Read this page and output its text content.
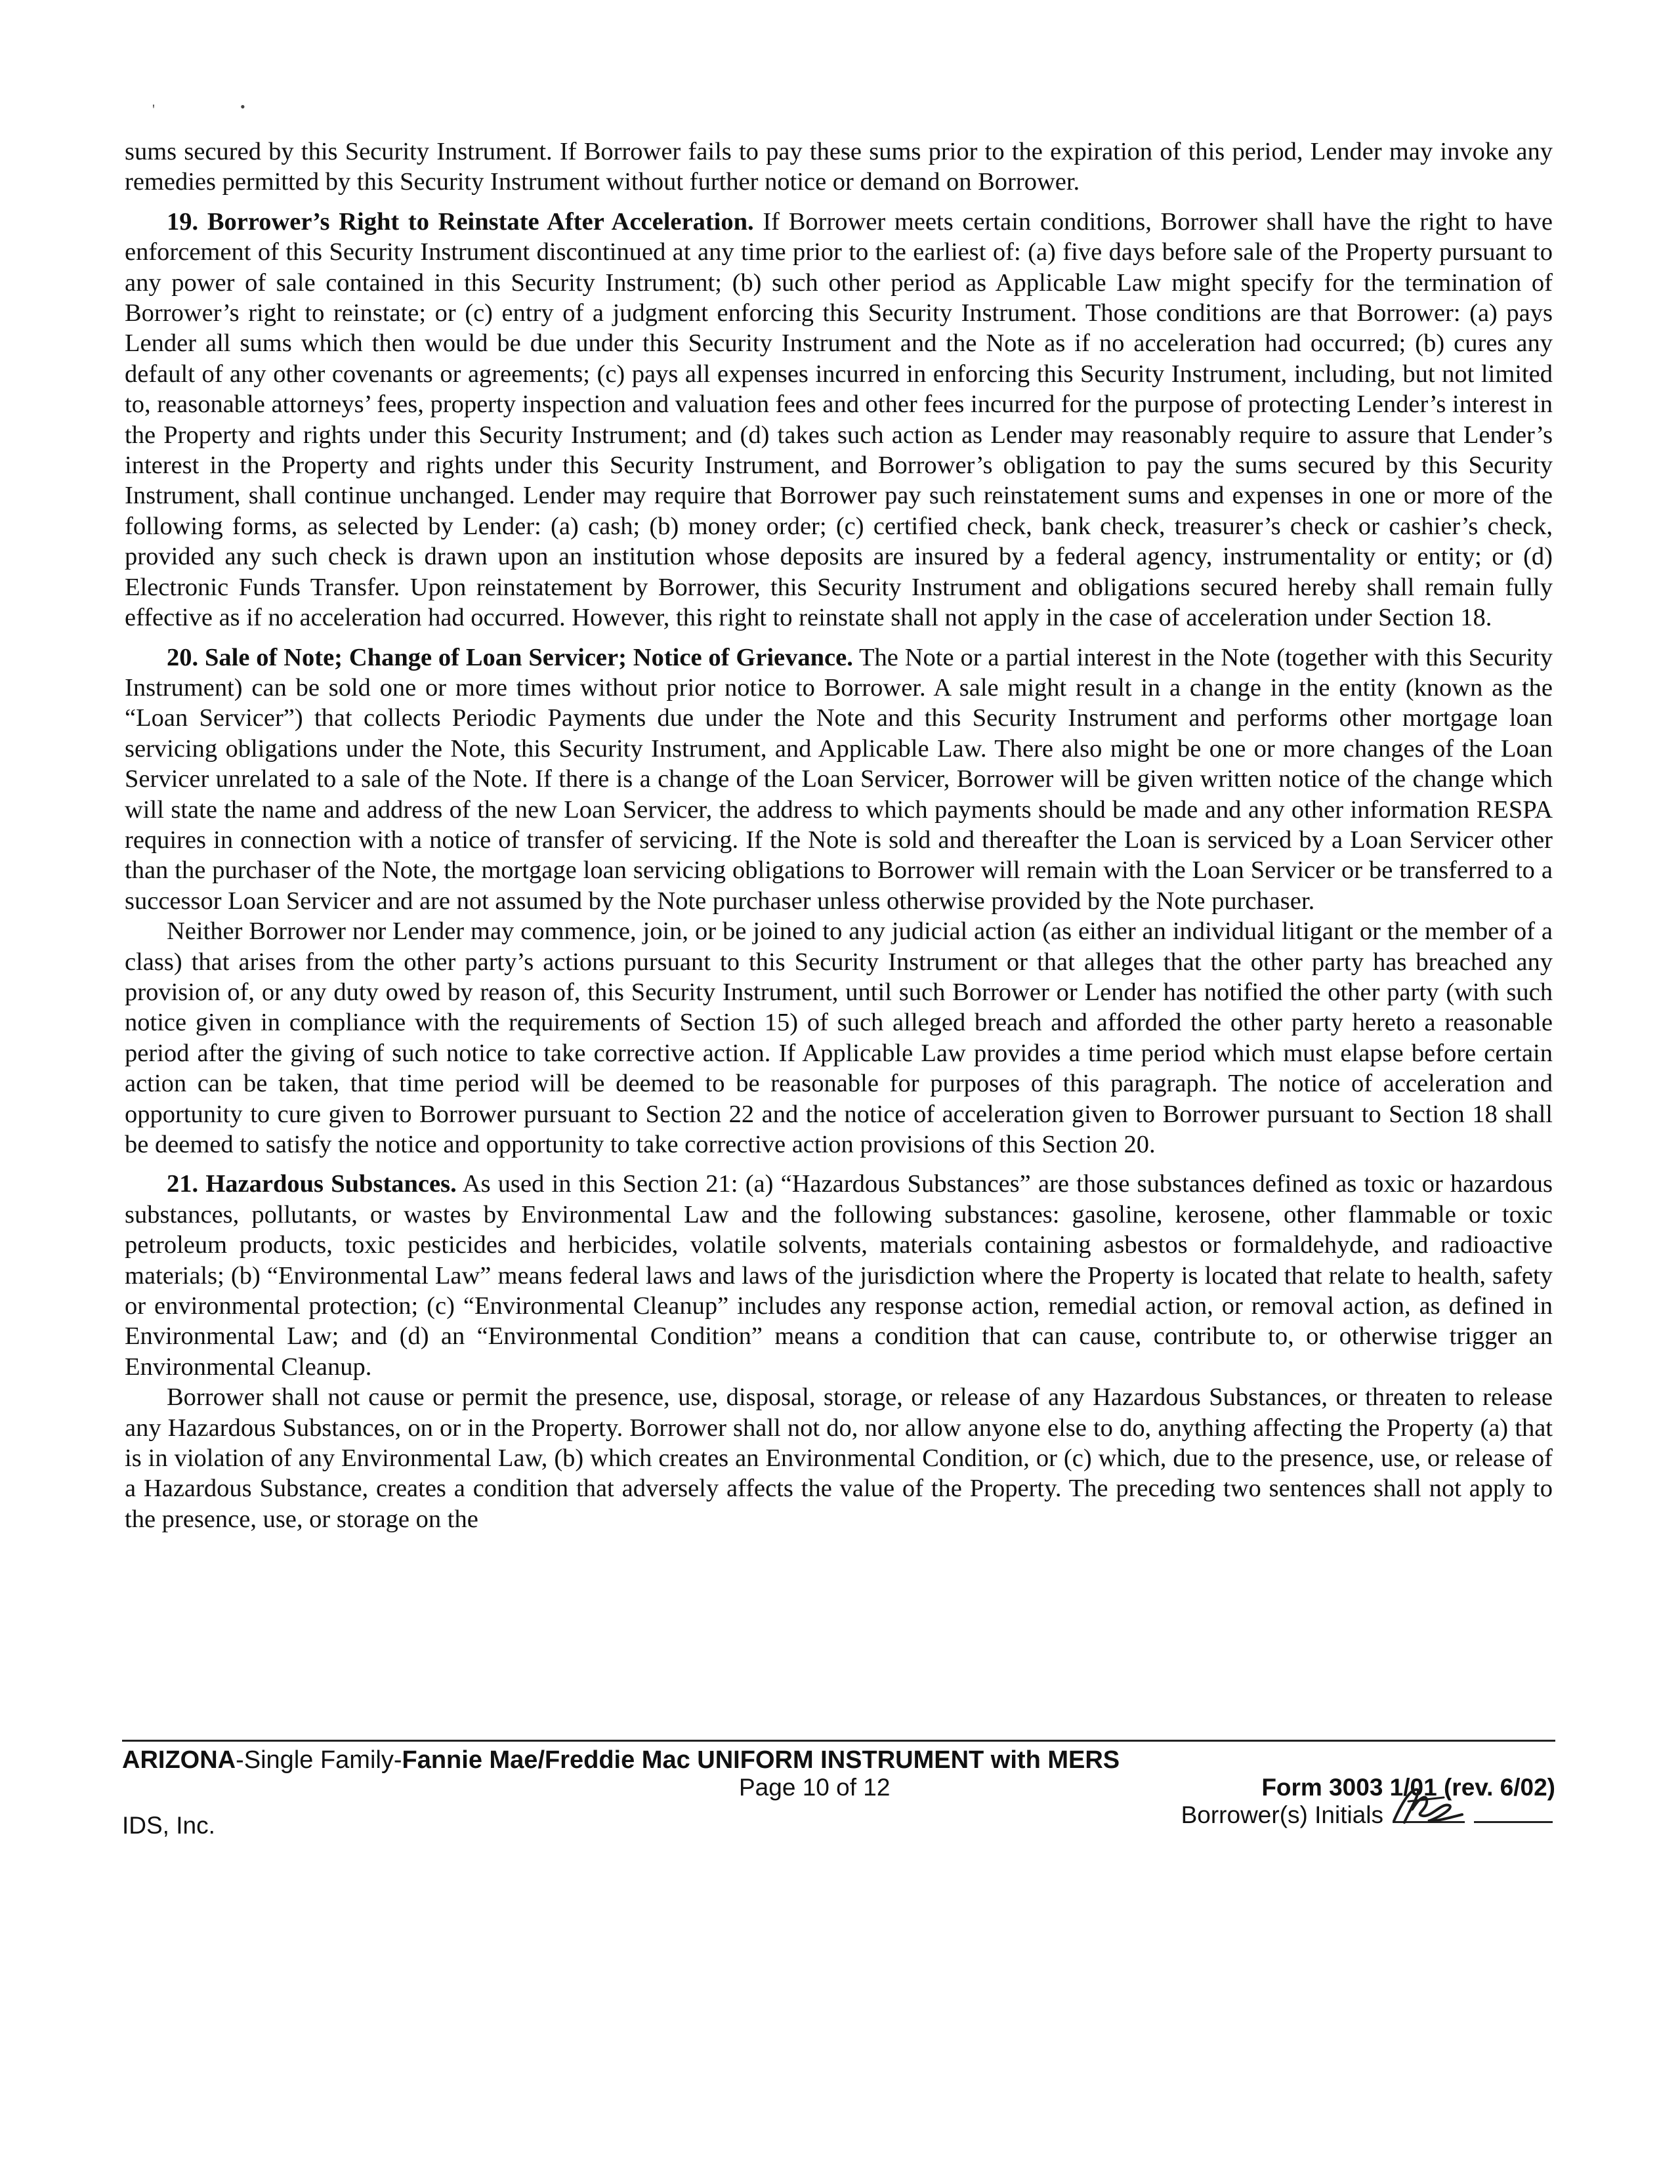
'	•

sums secured by this Security Instrument. If Borrower fails to pay these sums prior to the expiration of this period, Lender may invoke any remedies permitted by this Security Instrument without further notice or demand on Borrower.

19. Borrower’s Right to Reinstate After Acceleration. If Borrower meets certain conditions, Borrower shall have the right to have enforcement of this Security Instrument discontinued at any time prior to the earliest of: (a) five days before sale of the Property pursuant to any power of sale contained in this Security Instrument; (b) such other period as Applicable Law might specify for the termination of Borrower’s right to reinstate; or (c) entry of a judgment enforcing this Security Instrument. Those conditions are that Borrower: (a) pays Lender all sums which then would be due under this Security Instrument and the Note as if no acceleration had occurred; (b) cures any default of any other covenants or agreements; (c) pays all expenses incurred in enforcing this Security Instrument, including, but not limited to, reasonable attorneys’ fees, property inspection and valuation fees and other fees incurred for the purpose of protecting Lender’s interest in the Property and rights under this Security Instrument; and (d) takes such action as Lender may reasonably require to assure that Lender’s interest in the Property and rights under this Security Instrument, and Borrower’s obligation to pay the sums secured by this Security Instrument, shall continue unchanged. Lender may require that Borrower pay such reinstatement sums and expenses in one or more of the following forms, as selected by Lender: (a) cash; (b) money order; (c) certified check, bank check, treasurer’s check or cashier’s check, provided any such check is drawn upon an institution whose deposits are insured by a federal agency, instrumentality or entity; or (d) Electronic Funds Transfer. Upon reinstatement by Borrower, this Security Instrument and obligations secured hereby shall remain fully effective as if no acceleration had occurred. However, this right to reinstate shall not apply in the case of acceleration under Section 18.

20. Sale of Note; Change of Loan Servicer; Notice of Grievance. The Note or a partial interest in the Note (together with this Security Instrument) can be sold one or more times without prior notice to Borrower. A sale might result in a change in the entity (known as the “Loan Servicer”) that collects Periodic Payments due under the Note and this Security Instrument and performs other mortgage loan servicing obligations under the Note, this Security Instrument, and Applicable Law. There also might be one or more changes of the Loan Servicer unrelated to a sale of the Note. If there is a change of the Loan Servicer, Borrower will be given written notice of the change which will state the name and address of the new Loan Servicer, the address to which payments should be made and any other information RESPA requires in connection with a notice of transfer of servicing. If the Note is sold and thereafter the Loan is serviced by a Loan Servicer other than the purchaser of the Note, the mortgage loan servicing obligations to Borrower will remain with the Loan Servicer or be transferred to a successor Loan Servicer and are not assumed by the Note purchaser unless otherwise provided by the Note purchaser.

Neither Borrower nor Lender may commence, join, or be joined to any judicial action (as either an individual litigant or the member of a class) that arises from the other party’s actions pursuant to this Security Instrument or that alleges that the other party has breached any provision of, or any duty owed by reason of, this Security Instrument, until such Borrower or Lender has notified the other party (with such notice given in compliance with the requirements of Section 15) of such alleged breach and afforded the other party hereto a reasonable period after the giving of such notice to take corrective action. If Applicable Law provides a time period which must elapse before certain action can be taken, that time period will be deemed to be reasonable for purposes of this paragraph. The notice of acceleration and opportunity to cure given to Borrower pursuant to Section 22 and the notice of acceleration given to Borrower pursuant to Section 18 shall be deemed to satisfy the notice and opportunity to take corrective action provisions of this Section 20.

21. Hazardous Substances. As used in this Section 21: (a) “Hazardous Substances” are those substances defined as toxic or hazardous substances, pollutants, or wastes by Environmental Law and the following substances: gasoline, kerosene, other flammable or toxic petroleum products, toxic pesticides and herbicides, volatile solvents, materials containing asbestos or formaldehyde, and radioactive materials; (b) “Environmental Law” means federal laws and laws of the jurisdiction where the Property is located that relate to health, safety or environmental protection; (c) “Environmental Cleanup” includes any response action, remedial action, or removal action, as defined in Environmental Law; and (d) an “Environmental Condition” means a condition that can cause, contribute to, or otherwise trigger an Environmental Cleanup.

Borrower shall not cause or permit the presence, use, disposal, storage, or release of any Hazardous Substances, or threaten to release any Hazardous Substances, on or in the Property. Borrower shall not do, nor allow anyone else to do, anything affecting the Property (a) that is in violation of any Environmental Law, (b) which creates an Environmental Condition, or (c) which, due to the presence, use, or release of a Hazardous Substance, creates a condition that adversely affects the value of the Property. The preceding two sentences shall not apply to the presence, use, or storage on the

ARIZONA-Single Family-Fannie Mae/Freddie Mac UNIFORM INSTRUMENT with MERS
Page 10 of 12	Form 3003 1/01 (rev. 6/02)
IDS, Inc.	Borrower(s) Initials
